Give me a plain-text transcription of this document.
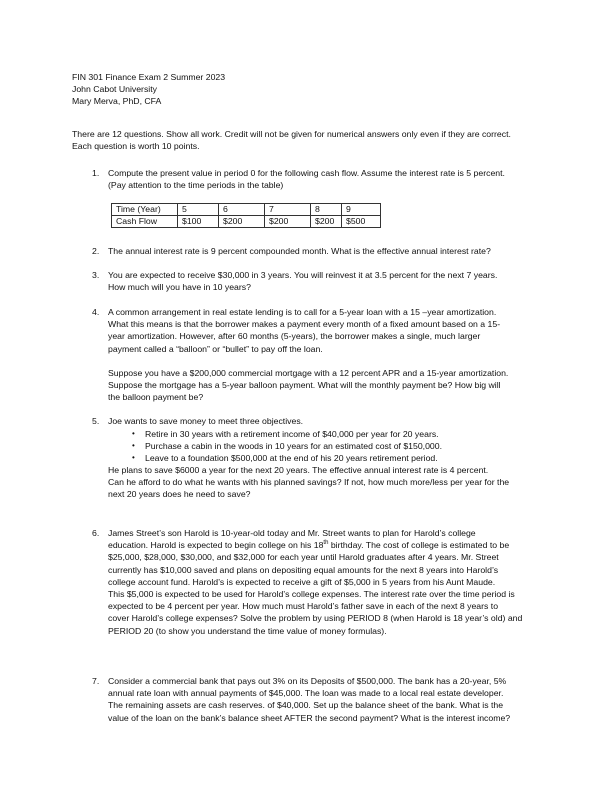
FIN 301 Finance Exam 2 Summer 2023
John Cabot University
Mary Merva, PhD, CFA
There are 12 questions. Show all work. Credit will not be given for numerical answers only even if they are correct.
Each question is worth 10 points.
1. Compute the present value in period 0 for the following cash flow. Assume the interest rate is 5 percent.
(Pay attention to the time periods in the table)
2. The annual interest rate is 9 percent compounded month. What is the effective annual interest rate?
3. You are expected to receive $30,000 in 3 years. You will reinvest it at 3.5 percent for the next 7 years.
How much will you have in 10 years?
4. A common arrangement in real estate lending is to call for a 5-year loan with a 15 –year amortization.
What this means is that the borrower makes a payment every month of a fixed amount based on a 15-
year amortization. However, after 60 months (5-years), the borrower makes a single, much larger
payment called a “balloon” or “bullet” to pay off the loan.
Suppose you have a $200,000 commercial mortgage with a 12 percent APR and a 15-year amortization.
Suppose the mortgage has a 5-year balloon payment. What will the monthly payment be? How big will
the balloon payment be?
5. Joe wants to save money to meet three objectives.
6. James Street’s son Harold is 10-year-old today and Mr. Street wants to plan for Harold’s college
education. Harold is expected to begin college on his 18th birthday. The cost of college is estimated to be
$25,000, $28,000, $30,000, and $32,000 for each year until Harold graduates after 4 years. Mr. Street
currently has $10,000 saved and plans on depositing equal amounts for the next 8 years into Harold’s
college account fund. Harold’s is expected to receive a gift of $5,000 in 5 years from his Aunt Maude.
This $5,000 is expected to be used for Harold’s college expenses. The interest rate over the time period is
expected to be 4 percent per year. How much must Harold’s father save in each of the next 8 years to
cover Harold’s college expenses? Solve the problem by using PERIOD 8 (when Harold is 18 year’s old) and
PERIOD 20 (to show you understand the time value of money formulas).
7. Consider a commercial bank that pays out 3% on its Deposits of $500,000. The bank has a 20-year, 5%
annual rate loan with annual payments of $45,000. The loan was made to a local real estate developer.
The remaining assets are cash reserves. of $40,000. Set up the balance sheet of the bank. What is the
value of the loan on the bank’s balance sheet AFTER the second payment? What is the interest income?
• Retire in 30 years with a retirement income of $40,000 per year for 20 years.
• Purchase a cabin in the woods in 10 years for an estimated cost of $150,000.
• Leave to a foundation $500,000 at the end of his 20 years retirement period.
He plans to save $6000 a year for the next 20 years. The effective annual interest rate is 4 percent.
Can he afford to do what he wants with his planned savings? If not, how much more/less per year for the
next 20 years does he need to save?
Time (Year)	5	6	7	8	9
Cash Flow	$100	$200	$200	$200	$500
